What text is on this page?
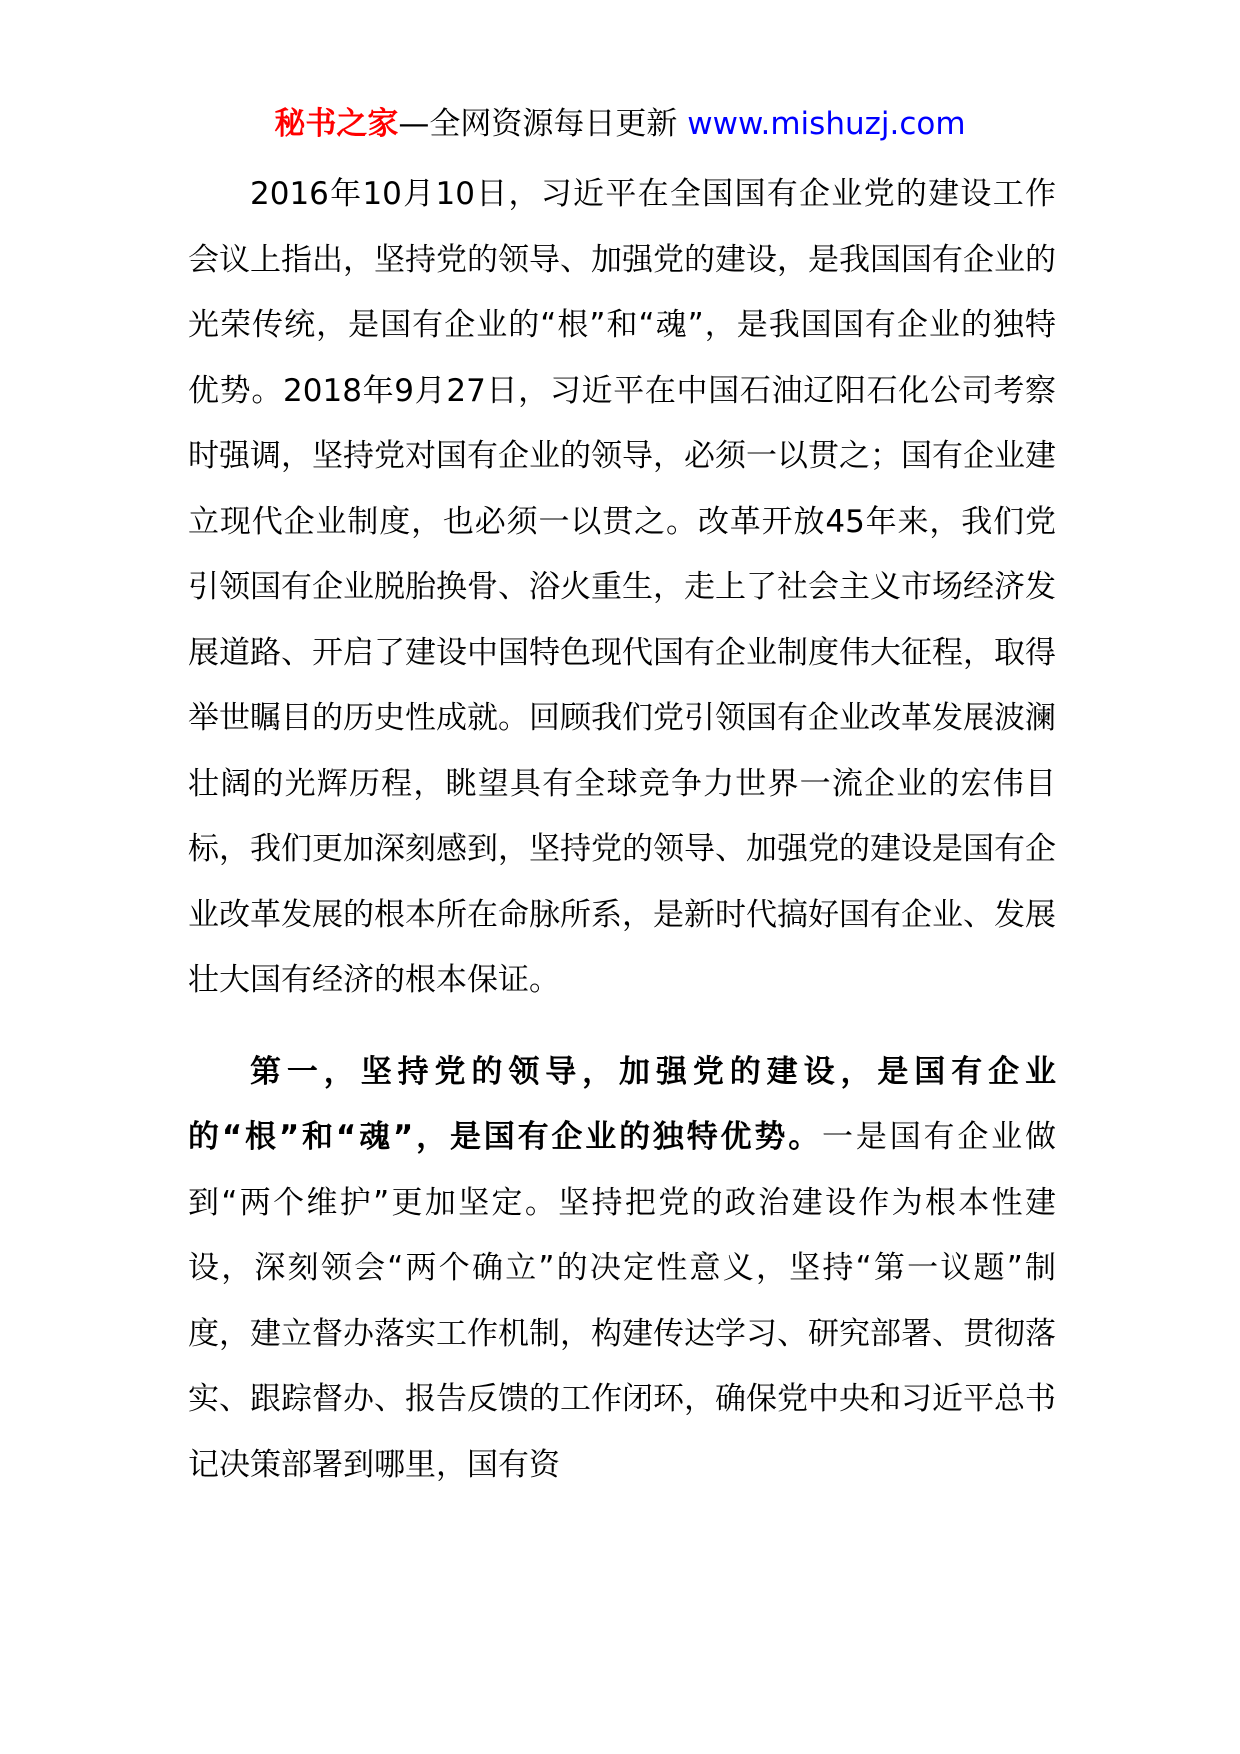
秘书之家—全网资源每日更新 www.mishuzj.com

2016年10月10日，习近平在全国国有企业党的建设工作会议上指出，坚持党的领导、加强党的建设，是我国国有企业的光荣传统，是国有企业的“根”和“魂”，是我国国有企业的独特优势。2018年9月27日，习近平在中国石油辽阳石化公司考察时强调，坚持党对国有企业的领导，必须一以贯之；国有企业建立现代企业制度，也必须一以贯之。改革开放45年来，我们党引领国有企业脱胎换骨、浴火重生，走上了社会主义市场经济发展道路、开启了建设中国特色现代国有企业制度伟大征程，取得举世瞩目的历史性成就。回顾我们党引领国有企业改革发展波澜壮阔的光辉历程，眺望具有全球竞争力世界一流企业的宏伟目标，我们更加深刻感到，坚持党的领导、加强党的建设是国有企业改革发展的根本所在命脉所系，是新时代搞好国有企业、发展壮大国有经济的根本保证。

第一，坚持党的领导，加强党的建设，是国有企业的“根”和“魂”，是国有企业的独特优势。一是国有企业做到“两个维护”更加坚定。坚持把党的政治建设作为根本性建设，深刻领会“两个确立”的决定性意义，坚持“第一议题”制度，建立督办落实工作机制，构建传达学习、研究部署、贯彻落实、跟踪督办、报告反馈的工作闭环，确保党中央和习近平总书记决策部署到哪里，国有资
